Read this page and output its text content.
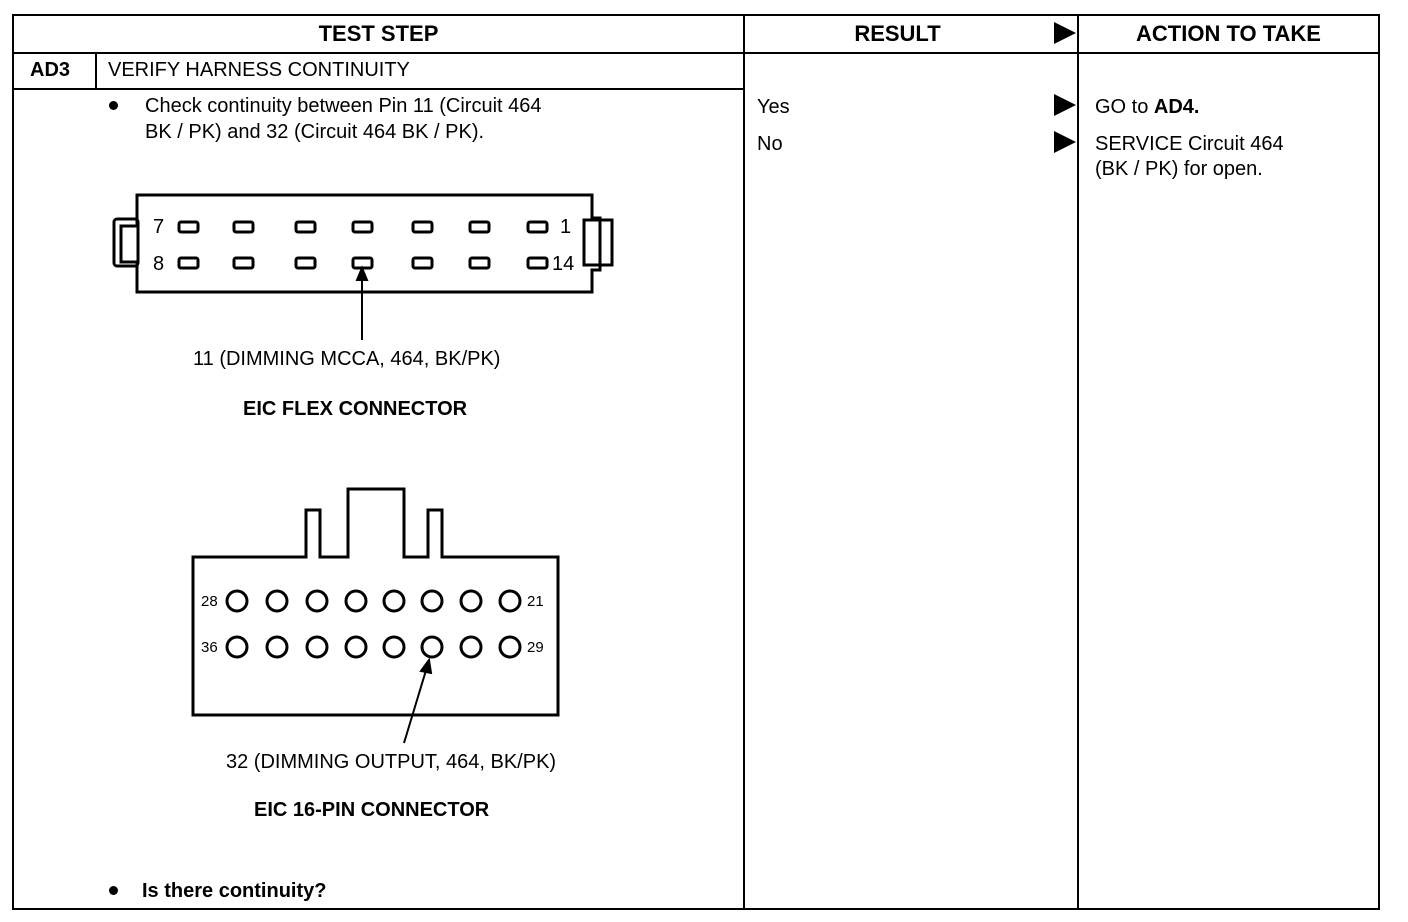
TEST STEP	RESULT	ACTION TO TAKE
AD3 VERIFY HARNESS CONTINUITY
Check continuity between Pin 11 (Circuit 464
BK / PK) and 32 (Circuit 464 BK / PK).
Yes	GO to AD4.
No	SERVICE Circuit 464
(BK / PK) for open.
7
8
1
14
11 (DIMMING MCCA, 464, BK/PK)
EIC FLEX CONNECTOR
28
36
21
29
32 (DIMMING OUTPUT, 464, BK/PK)
EIC 16-PIN CONNECTOR
Is there continuity?
